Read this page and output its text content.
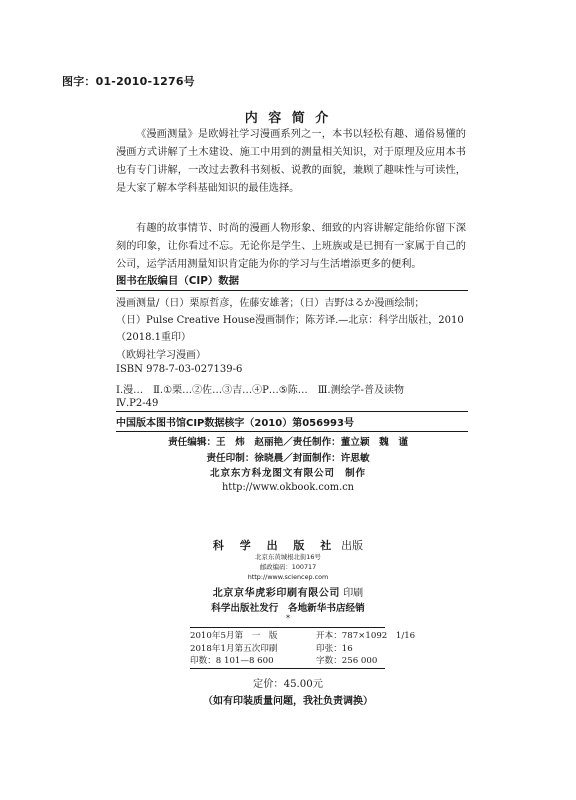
图字：01-2010-1276号
内 容 简 介

《漫画测量》是欧姆社学习漫画系列之一，本书以轻松有趣、通俗易懂的漫画方式讲解了土木建设、施工中用到的测量相关知识，对于原理及应用本书也有专门讲解，一改过去教科书刻板、说教的面貌，兼顾了趣味性与可读性，是大家了解本学科基础知识的最佳选择。

有趣的故事情节、时尚的漫画人物形象、细致的内容讲解定能给你留下深刻的印象，让你看过不忘。无论你是学生、上班族或是已拥有一家属于自己的公司，运学活用测量知识肯定能为你的学习与生活增添更多的便利。

图书在版编目（CIP）数据
漫画测量/（日）栗原哲彦，佐藤安雄著；（日）吉野はるか漫画绘制；
（日）Pulse Creative House漫画制作；陈芳译.—北京：科学出版社，2010
（2018.1重印）
（欧姆社学习漫画）
ISBN 978-7-03-027139-6
Ⅰ.漫…　Ⅱ.①栗…②佐…③吉…④P…⑤陈…　Ⅲ.测绘学-普及读物
Ⅳ.P2-49
中国版本图书馆CIP数据核字（2010）第056993号
责任编辑：王　炜　赵丽艳／责任制作：董立颖　魏　谨
责任印制：徐晓晨／封面制作：许思敏
北京东方科龙图文有限公司　制作
http://www.okbook.com.cn
科 学 出 版 社 出版
北京东黄城根北街16号
邮政编码：100717
http://www.sciencep.com
北京京华虎彩印刷有限公司 印刷
科学出版社发行　各地新华书店经销
*
2010年5月第　一　版
2018年1月第五次印刷
印数：8 101—8 600
开本：787×1092　1/16
印张：16
字数：256 000
定价：45.00元
（如有印装质量问题，我社负责调换）
